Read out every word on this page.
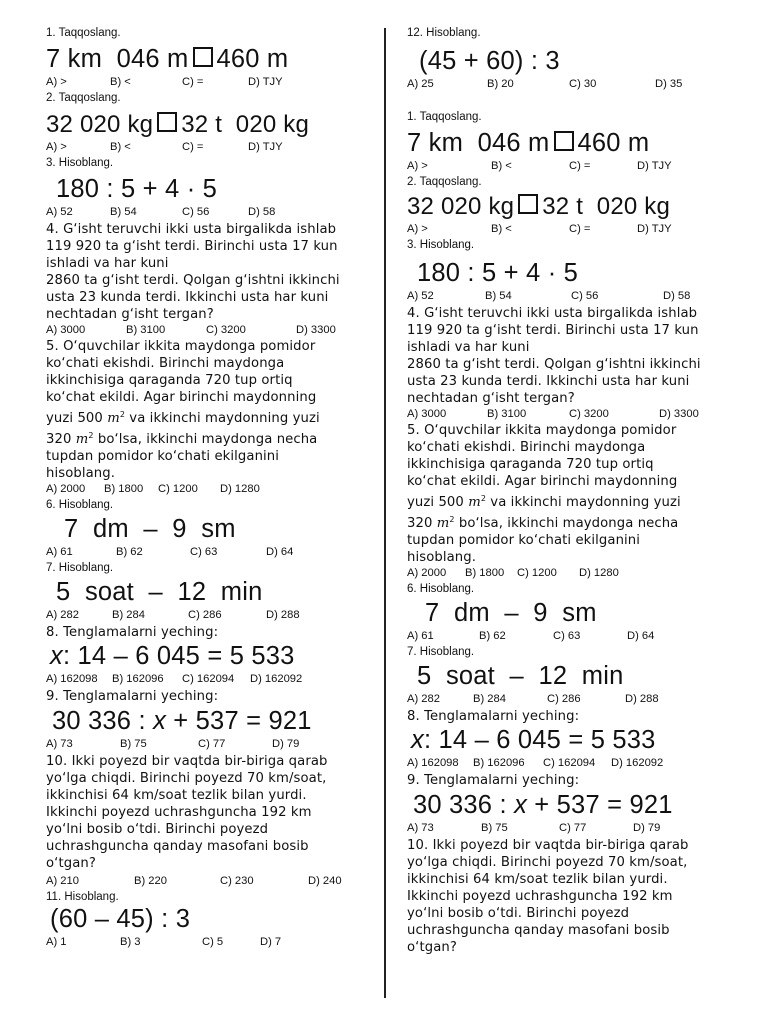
1. Taqqoslang.
7 km  046 m 460 m
A) >	B) <	C) =	D) TJY
2. Taqqoslang.
32 020 kg 32 t  020 kg
A) >	B) <	C) =	D) TJY
3. Hisoblang.
180 : 5 + 4 · 5
A) 52	B) 54	C) 56	D) 58
4. G‘isht teruvchi ikki usta birgalikda ishlab
119 920 ta g‘isht terdi. Birinchi usta 17 kun
ishladi va har kuni
2860 ta g‘isht terdi. Qolgan g‘ishtni ikkinchi
usta 23 kunda terdi. Ikkinchi usta har kuni
nechtadan g‘isht tergan?
A) 3000	B) 3100	C) 3200	D) 3300
5. O‘quvchilar ikkita maydonga pomidor
ko‘chati ekishdi. Birinchi maydonga
ikkinchisiga qaraganda 720 tup ortiq
ko‘chat ekildi. Agar birinchi maydonning
yuzi 500 $m^2$ va ikkinchi maydonning yuzi
320 $m^2$ bo‘lsa, ikkinchi maydonga necha
tupdan pomidor ko‘chati ekilganini
hisoblang.
A) 2000 B) 1800 C) 1200 D) 1280
6. Hisoblang.
7  dm  –  9  sm
A) 61	B) 62	C) 63	D) 64
7. Hisoblang.
5  soat  –  12  min
A) 282	B) 284	C) 286	D) 288
8. Tenglamalarni yeching:
x: 14 – 6 045 = 5 533
A) 162098 B) 162096 C) 162094 D) 162092
9. Tenglamalarni yeching:
30 336 : x + 537 = 921
A) 73	B) 75	C) 77	D) 79
10. Ikki poyezd bir vaqtda bir-biriga qarab
yo‘lga chiqdi. Birinchi poyezd 70 km/soat,
ikkinchisi 64 km/soat tezlik bilan yurdi.
Ikkinchi poyezd uchrashguncha 192 km
yo‘lni bosib o‘tdi. Birinchi poyezd
uchrashguncha qanday masofani bosib
o‘tgan?
A) 210	B) 220	C) 230	D) 240
11. Hisoblang.
(60 – 45) : 3
A) 1	B) 3	C) 5	D) 7
12. Hisoblang.
(45 + 60) : 3
A) 25	B) 20	C) 30	D) 35
1. Taqqoslang.
7 km  046 m 460 m
A) >	B) <	C) =	D) TJY
2. Taqqoslang.
32 020 kg 32 t  020 kg
A) >	B) <	C) =	D) TJY
3. Hisoblang.
180 : 5 + 4 · 5
A) 52	B) 54	C) 56	D) 58
4. G‘isht teruvchi ikki usta birgalikda ishlab
119 920 ta g‘isht terdi. Birinchi usta 17 kun
ishladi va har kuni
2860 ta g‘isht terdi. Qolgan g‘ishtni ikkinchi
usta 23 kunda terdi. Ikkinchi usta har kuni
nechtadan g‘isht tergan?
A) 3000	B) 3100	C) 3200	D) 3300
5. O‘quvchilar ikkita maydonga pomidor
ko‘chati ekishdi. Birinchi maydonga
ikkinchisiga qaraganda 720 tup ortiq
ko‘chat ekildi. Agar birinchi maydonning
yuzi 500 $m^2$ va ikkinchi maydonning yuzi
320 $m^2$ bo‘lsa, ikkinchi maydonga necha
tupdan pomidor ko‘chati ekilganini
hisoblang.
A) 2000 B) 1800 C) 1200 D) 1280
6. Hisoblang.
7  dm  –  9  sm
A) 61	B) 62	C) 63	D) 64
7. Hisoblang.
5  soat  –  12  min
A) 282	B) 284	C) 286	D) 288
8. Tenglamalarni yeching:
x: 14 – 6 045 = 5 533
A) 162098 B) 162096 C) 162094 D) 162092
9. Tenglamalarni yeching:
30 336 : x + 537 = 921
A) 73	B) 75	C) 77	D) 79
10. Ikki poyezd bir vaqtda bir-biriga qarab
yo‘lga chiqdi. Birinchi poyezd 70 km/soat,
ikkinchisi 64 km/soat tezlik bilan yurdi.
Ikkinchi poyezd uchrashguncha 192 km
yo‘lni bosib o‘tdi. Birinchi poyezd
uchrashguncha qanday masofani bosib
o‘tgan?
